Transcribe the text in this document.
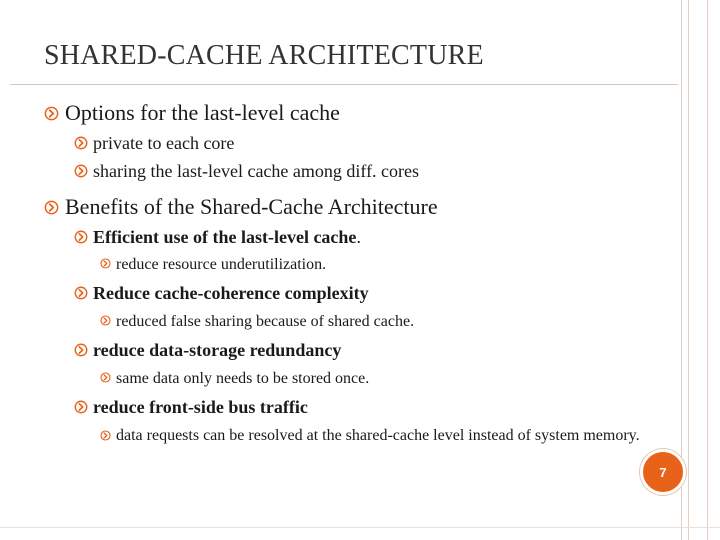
SHARED-CACHE ARCHITECTURE
Options for the last-level cache
private to each core
sharing the last-level cache among diff. cores
Benefits of the Shared-Cache Architecture
Efficient use of the last-level cache .
reduce resource underutilization.
Reduce cache-coherence complexity
reduced false sharing because of shared cache.
reduce data-storage redundancy
same data only needs to be stored once.
reduce front-side bus traffic
data requests can be resolved at the shared-cache level instead of system memory.
7
